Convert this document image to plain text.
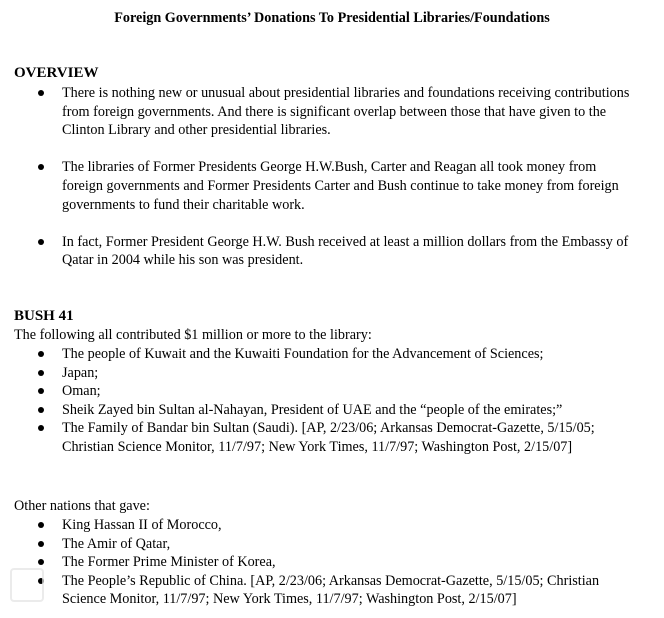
Foreign Governments’ Donations To Presidential Libraries/Foundations
OVERVIEW
There is nothing new or unusual about presidential libraries and foundations receiving contributions from foreign governments. And there is significant overlap between those that have given to the Clinton Library and other presidential libraries.
The libraries of Former Presidents George H.W.Bush, Carter and Reagan all took money from foreign governments and Former Presidents Carter and Bush continue to take money from foreign governments to fund their charitable work.
In fact, Former President George H.W. Bush received at least a million dollars from the Embassy of Qatar in 2004 while his son was president.
BUSH 41
The following all contributed $1 million or more to the library:
The people of Kuwait and the Kuwaiti Foundation for the Advancement of Sciences;
Japan;
Oman;
Sheik Zayed bin Sultan al-Nahayan, President of UAE and the “people of the emirates;”
The Family of Bandar bin Sultan (Saudi). [AP, 2/23/06; Arkansas Democrat-Gazette, 5/15/05; Christian Science Monitor, 11/7/97; New York Times, 11/7/97; Washington Post, 2/15/07]
Other nations that gave:
King Hassan II of Morocco,
The Amir of Qatar,
The Former Prime Minister of Korea,
The People’s Republic of China. [AP, 2/23/06; Arkansas Democrat-Gazette, 5/15/05; Christian Science Monitor, 11/7/97; New York Times, 11/7/97; Washington Post, 2/15/07]
